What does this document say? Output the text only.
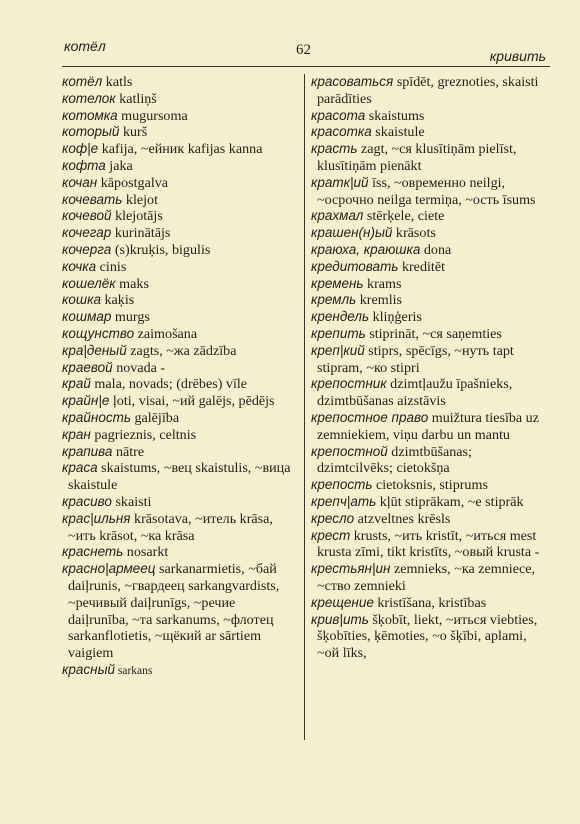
котёл	62	кривить

котёл katls

котелок katliņš

котомка mugursoma

который kurš

коф|е kafija, ~ейник kafijas kanna

кофта jaka

кочан kāpostgalva

кочевать klejot

кочевой klejotājs

кочегар kurinātājs

кочерга (s)kruķis, bigulis

кочка cinis

кошелёк maks

кошка kaķis

кошмар murgs

кощунство zaimošana

кра|деный zagts, ~жа zādzība

краевой novada -

край mala, novads; (drēbes) vīle

крайн|е ļoti, visai, ~ий galējs, pēdējs

крайность galējība

кран pagrieznis, celtnis

крапива nātre

краса skaistums, ~вец skaistulis, ~вица skaistule

красиво skaisti

крас|ильня krāsotava, ~итель krāsa, ~ить krāsot, ~ка krāsa

краснеть nosarkt

красно|армеец sarkanarmietis, ~бай daiļrunis, ~гвардеец sarkangvardists, ~речивый daiļrunīgs, ~речие daiļrunība, ~та sarkanums, ~флотец sarkanflotietis, ~щёкий ar sārtiem vaigiem

красный sarkans

красоваться spīdēt, greznoties, skaisti parādīties

красота skaistums

красотка skaistule

красть zagt, ~ся klusītiņām pielīst, klusītiņām pienākt

кратк|ий īss, ~овременно neilgi, ~осрочно neilga termiņa, ~ость īsums

крахмал stērķele, ciete

крашен(н)ый krāsots

краюха, краюшка dona

кредитовать kreditēt

кремень krams

кремль kremlis

крендель kliņģeris

крепить stiprināt, ~ся saņemties

креп|кий stiprs, spēcīgs, ~нуть tapt stipram, ~ко stipri

крепостник dzimtļaužu īpašnieks, dzimtbūšanas aizstāvis

крепостное право muižtura tiesība uz zemniekiem, viņu darbu un mantu

крепостной dzimtbūšanas; dzimtcilvēks; cietokšņa

крепость cietoksnis, stiprums

крепч|ать kļūt stiprākam, ~е stiprāk

кресло atzveltnes krēsls

крест krusts, ~ить kristīt, ~иться mest krusta zīmi, tikt kristīts, ~овый krusta -

крестьян|ин zemnieks, ~ка zemniece, ~ство zemnieki

крещение kristīšana, kristības

крив|ить šķobīt, liekt, ~иться viebties, šķobīties, ķēmoties, ~о šķībi, aplami, ~ой līks,
